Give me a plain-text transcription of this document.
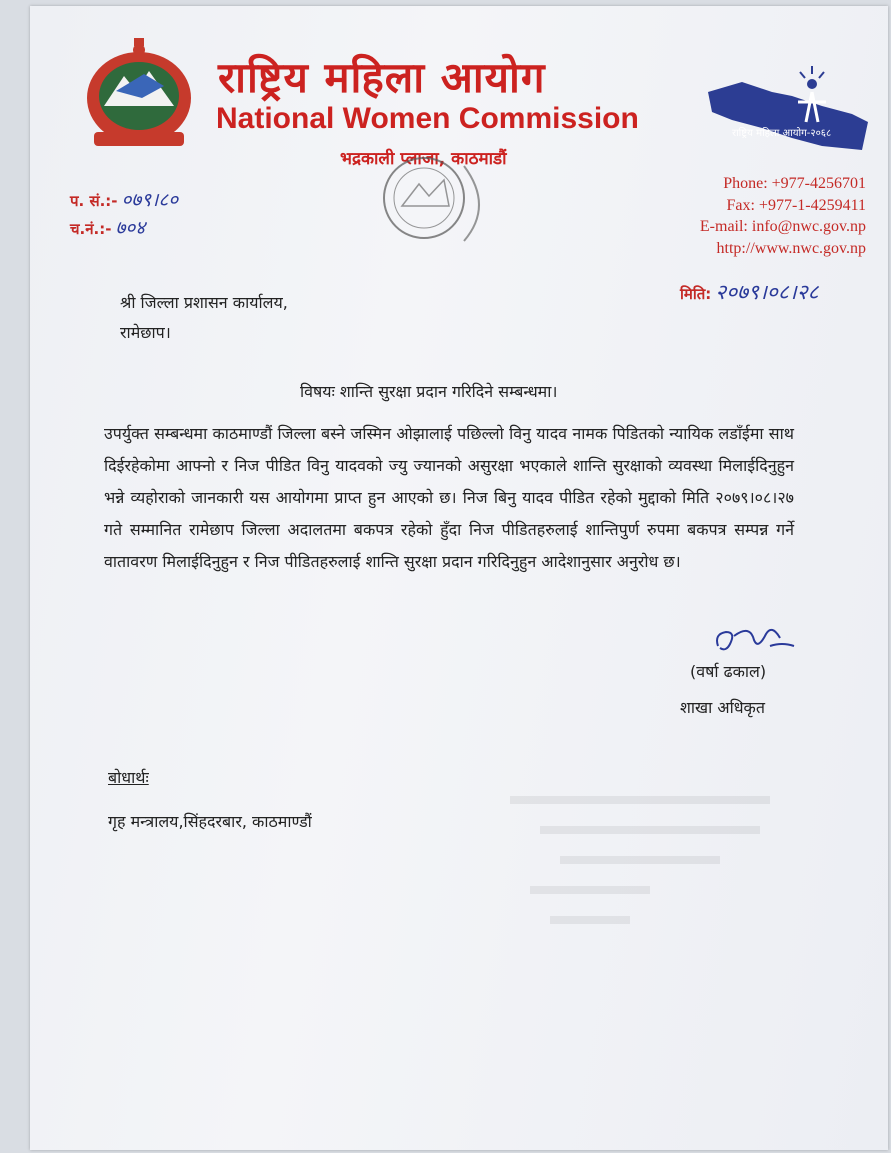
राष्ट्रिय महिला आयोग
National Women Commission
भद्रकाली प्लाजा, काठमाडौं
राष्ट्रिय महिला आयोग-२०६८
Phone: +977-4256701
Fax: +977-1-4259411
E-mail: info@nwc.gov.np
http://www.nwc.gov.np
प. सं.:- ०७९।८०
च.नं.:- ७०४
मिति: २०७९।०८।२८
श्री जिल्ला प्रशासन कार्यालय,
रामेछाप।
विषयः शान्ति सुरक्षा प्रदान गरिदिने सम्बन्धमा।
उपर्युक्त सम्बन्धमा काठमाण्डौं जिल्ला बस्ने जस्मिन ओझालाई पछिल्लो विनु यादव नामक पिडितको न्यायिक लडाँईमा साथ दिईरहेकोमा आफ्नो र निज पीडित विनु यादवको ज्यु ज्यानको असुरक्षा भएकाले शान्ति सुरक्षाको व्यवस्था मिलाईदिनुहुन भन्ने व्यहोराको जानकारी यस आयोगमा प्राप्त हुन आएको छ। निज बिनु यादव पीडित रहेको मुद्दाको मिति २०७९।०८।२७ गते सम्मानित रामेछाप जिल्ला अदालतमा बकपत्र रहेको हुँदा निज पीडितहरुलाई शान्तिपुर्ण रुपमा बकपत्र सम्पन्न गर्ने वातावरण मिलाईदिनुहुन र निज पीडितहरुलाई शान्ति सुरक्षा प्रदान गरिदिनुहुन आदेशानुसार अनुरोध छ।
(वर्षा ढकाल)
शाखा अधिकृत
बोधार्थः
गृह मन्त्रालय,सिंहदरबार, काठमाण्डौं
